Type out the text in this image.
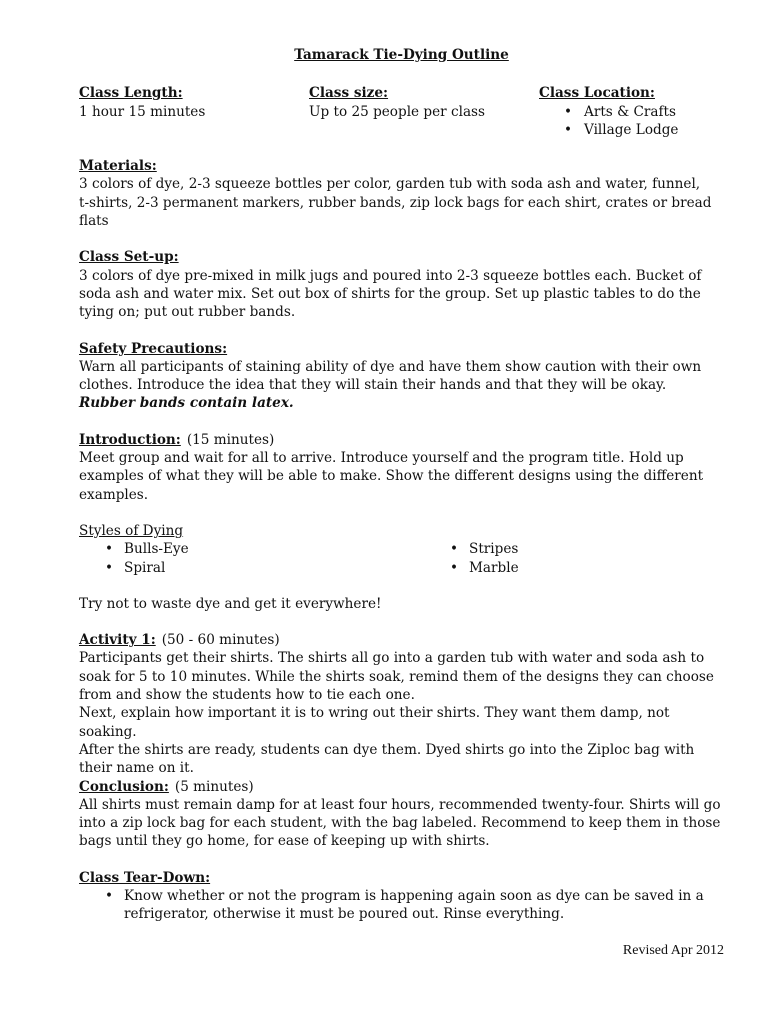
Tamarack Tie-Dying Outline
Class Length:
1 hour 15 minutes
Class size:
Up to 25 people per class
Class Location:
• Arts & Crafts
• Village Lodge
Materials:
3 colors of dye, 2-3 squeeze bottles per color, garden tub with soda ash and water, funnel,
t-shirts, 2-3 permanent markers, rubber bands, zip lock bags for each shirt, crates or bread flats
Class Set-up:

3 colors of dye pre-mixed in milk jugs and poured into 2-3 squeeze bottles each. Bucket of soda ash and water mix. Set out box of shirts for the group. Set up plastic tables to do the tying on; put out rubber bands.

Safety Precautions:

Warn all participants of staining ability of dye and have them show caution with their own clothes. Introduce the idea that they will stain their hands and that they will be okay. Rubber bands contain latex.

Introduction: (15 minutes)

Meet group and wait for all to arrive. Introduce yourself and the program title. Hold up examples of what they will be able to make. Show the different designs using the different examples.

Styles of Dying
• Bulls-Eye
• Spiral
• Stripes
• Marble

Try not to waste dye and get it everywhere!

Activity 1: (50 - 60 minutes)

Participants get their shirts. The shirts all go into a garden tub with water and soda ash to soak for 5 to 10 minutes. While the shirts soak, remind them of the designs they can choose from and show the students how to tie each one.

Next, explain how important it is to wring out their shirts. They want them damp, not soaking.

After the shirts are ready, students can dye them. Dyed shirts go into the Ziploc bag with their name on it.

Conclusion: (5 minutes)

All shirts must remain damp for at least four hours, recommended twenty-four. Shirts will go into a zip lock bag for each student, with the bag labeled. Recommend to keep them in those bags until they go home, for ease of keeping up with shirts.

Class Tear-Down:
• Know whether or not the program is happening again soon as dye can be saved in a refrigerator, otherwise it must be poured out. Rinse everything.
Revised Apr 2012
